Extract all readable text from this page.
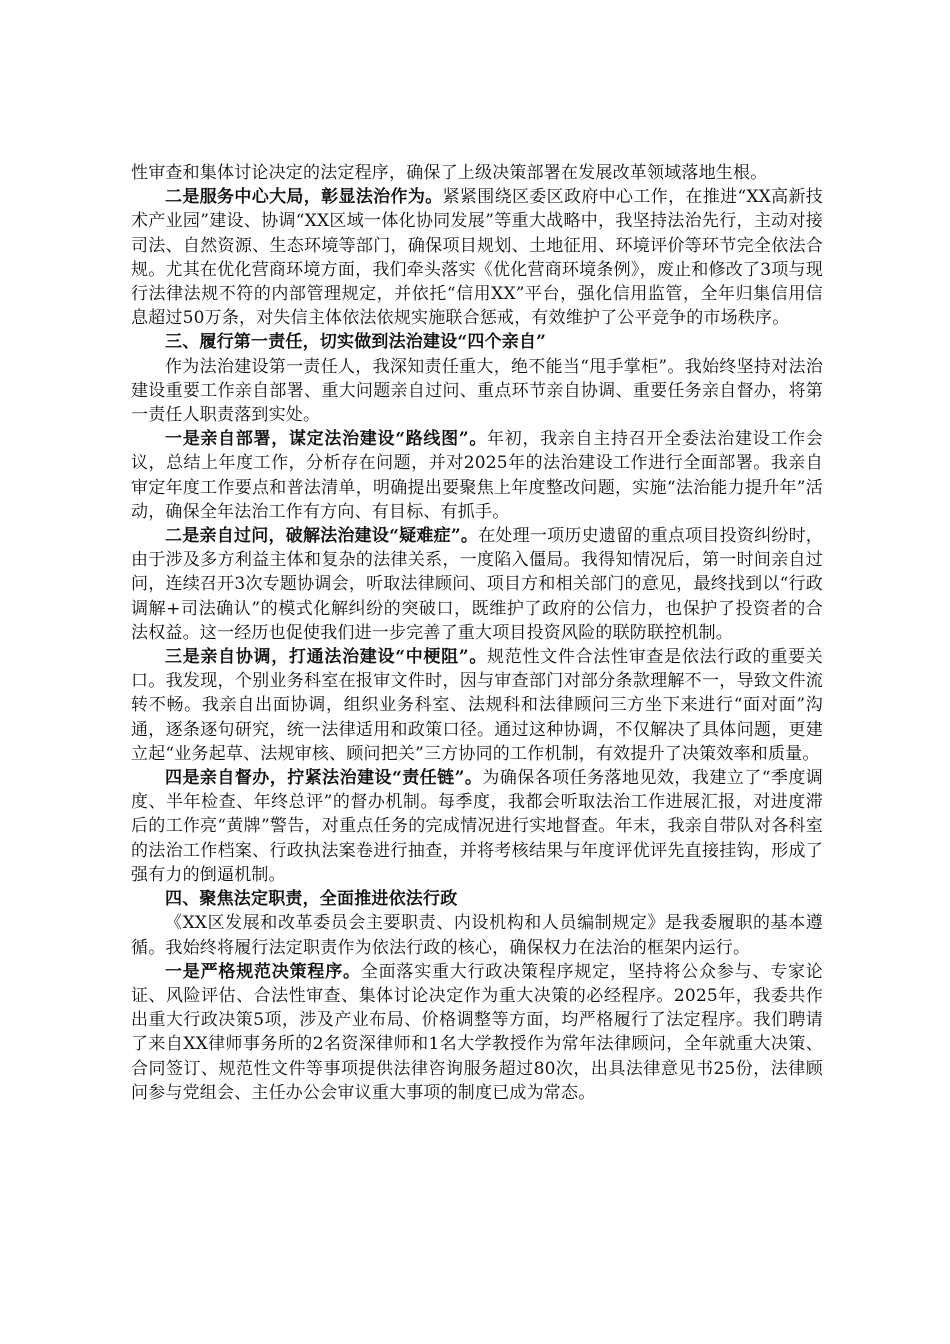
性审查和集体讨论决定的法定程序，确保了上级决策部署在发展改革领域落地生根。

二是服务中心大局，彰显法治作为。紧紧围绕区委区政府中心工作，在推进“XX高新技术产业园”建设、协调“XX区域一体化协同发展”等重大战略中，我坚持法治先行，主动对接司法、自然资源、生态环境等部门，确保项目规划、土地征用、环境评价等环节完全依法合规。尤其在优化营商环境方面，我们牵头落实《优化营商环境条例》，废止和修改了3项与现行法律法规不符的内部管理规定，并依托“信用XX”平台，强化信用监管，全年归集信用信息超过50万条，对失信主体依法依规实施联合惩戒，有效维护了公平竞争的市场秩序。

三、履行第一责任，切实做到法治建设“四个亲自”

作为法治建设第一责任人，我深知责任重大，绝不能当“甩手掌柜”。我始终坚持对法治建设重要工作亲自部署、重大问题亲自过问、重点环节亲自协调、重要任务亲自督办，将第一责任人职责落到实处。

一是亲自部署，谋定法治建设“路线图”。年初，我亲自主持召开全委法治建设工作会议，总结上年度工作，分析存在问题，并对2025年的法治建设工作进行全面部署。我亲自审定年度工作要点和普法清单，明确提出要聚焦上年度整改问题，实施“法治能力提升年”活动，确保全年法治工作有方向、有目标、有抓手。

二是亲自过问，破解法治建设“疑难症”。在处理一项历史遗留的重点项目投资纠纷时，由于涉及多方利益主体和复杂的法律关系，一度陷入僵局。我得知情况后，第一时间亲自过问，连续召开3次专题协调会，听取法律顾问、项目方和相关部门的意见，最终找到以“行政调解+司法确认”的模式化解纠纷的突破口，既维护了政府的公信力，也保护了投资者的合法权益。这一经历也促使我们进一步完善了重大项目投资风险的联防联控机制。

三是亲自协调，打通法治建设“中梗阻”。规范性文件合法性审查是依法行政的重要关口。我发现，个别业务科室在报审文件时，因与审查部门对部分条款理解不一，导致文件流转不畅。我亲自出面协调，组织业务科室、法规科和法律顾问三方坐下来进行“面对面”沟通，逐条逐句研究，统一法律适用和政策口径。通过这种协调，不仅解决了具体问题，更建立起“业务起草、法规审核、顾问把关”三方协同的工作机制，有效提升了决策效率和质量。

四是亲自督办，拧紧法治建设“责任链”。为确保各项任务落地见效，我建立了“季度调度、半年检查、年终总评”的督办机制。每季度，我都会听取法治工作进展汇报，对进度滞后的工作亮“黄牌”警告，对重点任务的完成情况进行实地督查。年末，我亲自带队对各科室的法治工作档案、行政执法案卷进行抽查，并将考核结果与年度评优评先直接挂钩，形成了强有力的倒逼机制。

四、聚焦法定职责，全面推进依法行政

《XX区发展和改革委员会主要职责、内设机构和人员编制规定》是我委履职的基本遵循。我始终将履行法定职责作为依法行政的核心，确保权力在法治的框架内运行。

一是严格规范决策程序。全面落实重大行政决策程序规定，坚持将公众参与、专家论证、风险评估、合法性审查、集体讨论决定作为重大决策的必经程序。2025年，我委共作出重大行政决策5项，涉及产业布局、价格调整等方面，均严格履行了法定程序。我们聘请了来自XX律师事务所的2名资深律师和1名大学教授作为常年法律顾问，全年就重大决策、合同签订、规范性文件等事项提供法律咨询服务超过80次，出具法律意见书25份，法律顾问参与党组会、主任办公会审议重大事项的制度已成为常态。
